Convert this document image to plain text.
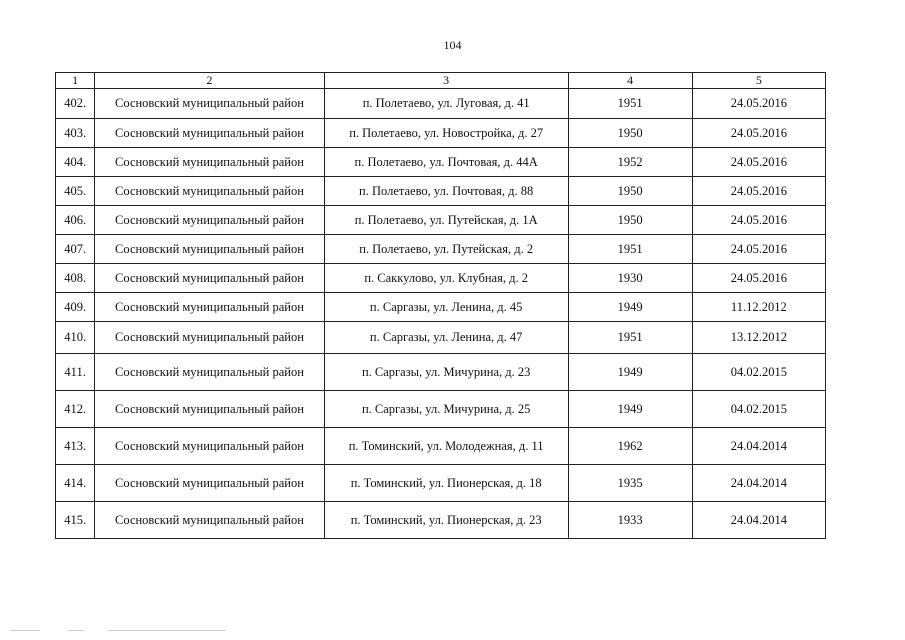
104
1	2	3	4	5
402.	Сосновский муниципальный район	п. Полетаево, ул. Луговая, д. 41	1951	24.05.2016
403.	Сосновский муниципальный район	п. Полетаево, ул. Новостройка, д. 27	1950	24.05.2016
404.	Сосновский муниципальный район	п. Полетаево, ул. Почтовая, д. 44А	1952	24.05.2016
405.	Сосновский муниципальный район	п. Полетаево, ул. Почтовая, д. 88	1950	24.05.2016
406.	Сосновский муниципальный район	п. Полетаево, ул. Путейская, д. 1А	1950	24.05.2016
407.	Сосновский муниципальный район	п. Полетаево, ул. Путейская, д. 2	1951	24.05.2016
408.	Сосновский муниципальный район	п. Саккулово, ул. Клубная, д. 2	1930	24.05.2016
409.	Сосновский муниципальный район	п. Саргазы, ул. Ленина, д. 45	1949	11.12.2012
410.	Сосновский муниципальный район	п. Саргазы, ул. Ленина, д. 47	1951	13.12.2012
411.	Сосновский муниципальный район	п. Саргазы, ул. Мичурина, д. 23	1949	04.02.2015
412.	Сосновский муниципальный район	п. Саргазы, ул. Мичурина, д. 25	1949	04.02.2015
413.	Сосновский муниципальный район	п. Томинский, ул. Молодежная, д. 11	1962	24.04.2014
414.	Сосновский муниципальный район	п. Томинский, ул. Пионерская, д. 18	1935	24.04.2014
415.	Сосновский муниципальный район	п. Томинский, ул. Пионерская, д. 23	1933	24.04.2014
